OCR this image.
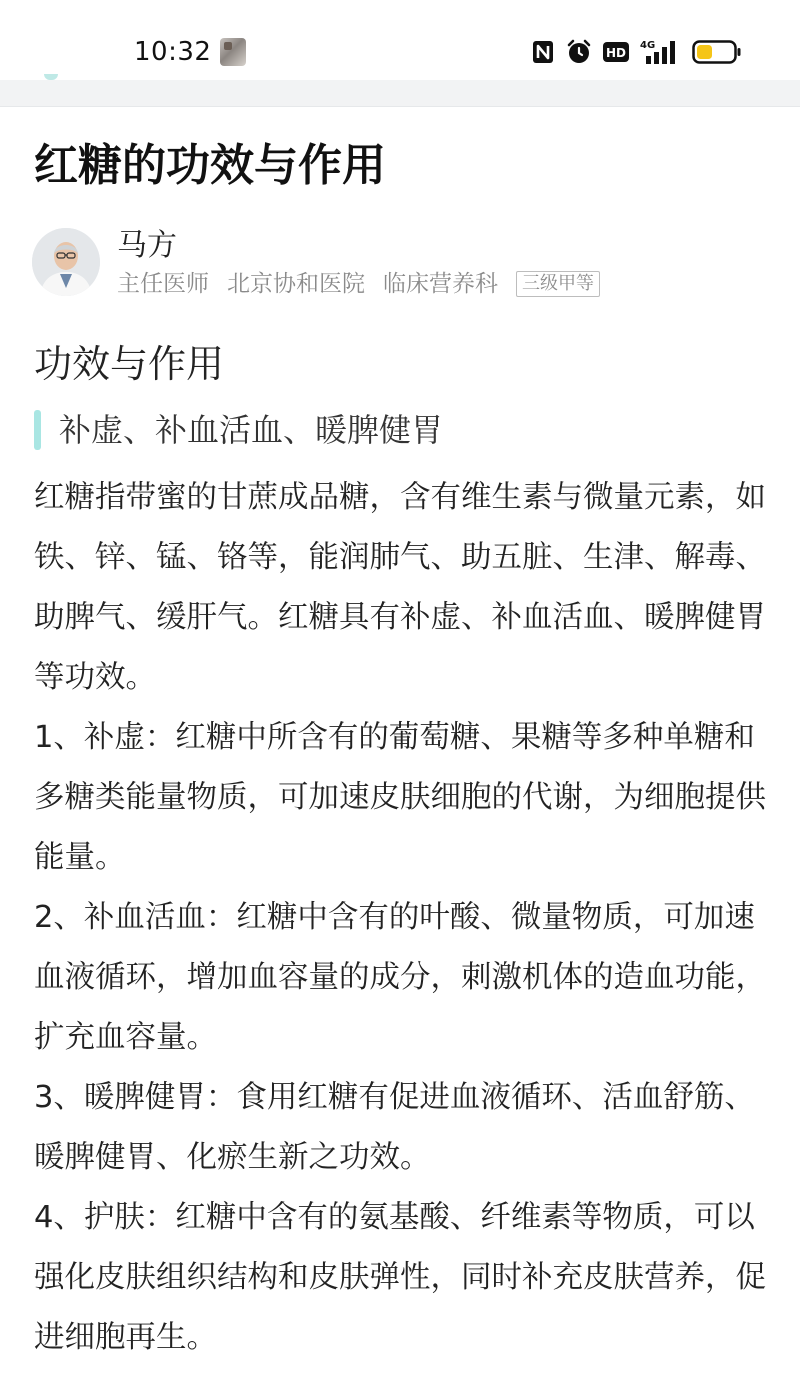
10:32	HD
4G
红糖的功效与作用
马方
主任医师 北京协和医院 临床营养科	三级甲等
功效与作用
补虚、补血活血、暖脾健胃

红糖指带蜜的甘蔗成品糖，含有维生素与微量元素，如铁、锌、锰、铬等，能润肺气、助五脏、生津、解毒、助脾气、缓肝气。红糖具有补虚、补血活血、暖脾健胃等功效。

1、补虚：红糖中所含有的葡萄糖、果糖等多种单糖和多糖类能量物质，可加速皮肤细胞的代谢，为细胞提供能量。

2、补血活血：红糖中含有的叶酸、微量物质，可加速血液循环，增加血容量的成分，刺激机体的造血功能，扩充血容量。

3、暖脾健胃：食用红糖有促进血液循环、活血舒筋、暖脾健胃、化瘀生新之功效。

4、护肤：红糖中含有的氨基酸、纤维素等物质，可以强化皮肤组织结构和皮肤弹性，同时补充皮肤营养，促进细胞再生。
